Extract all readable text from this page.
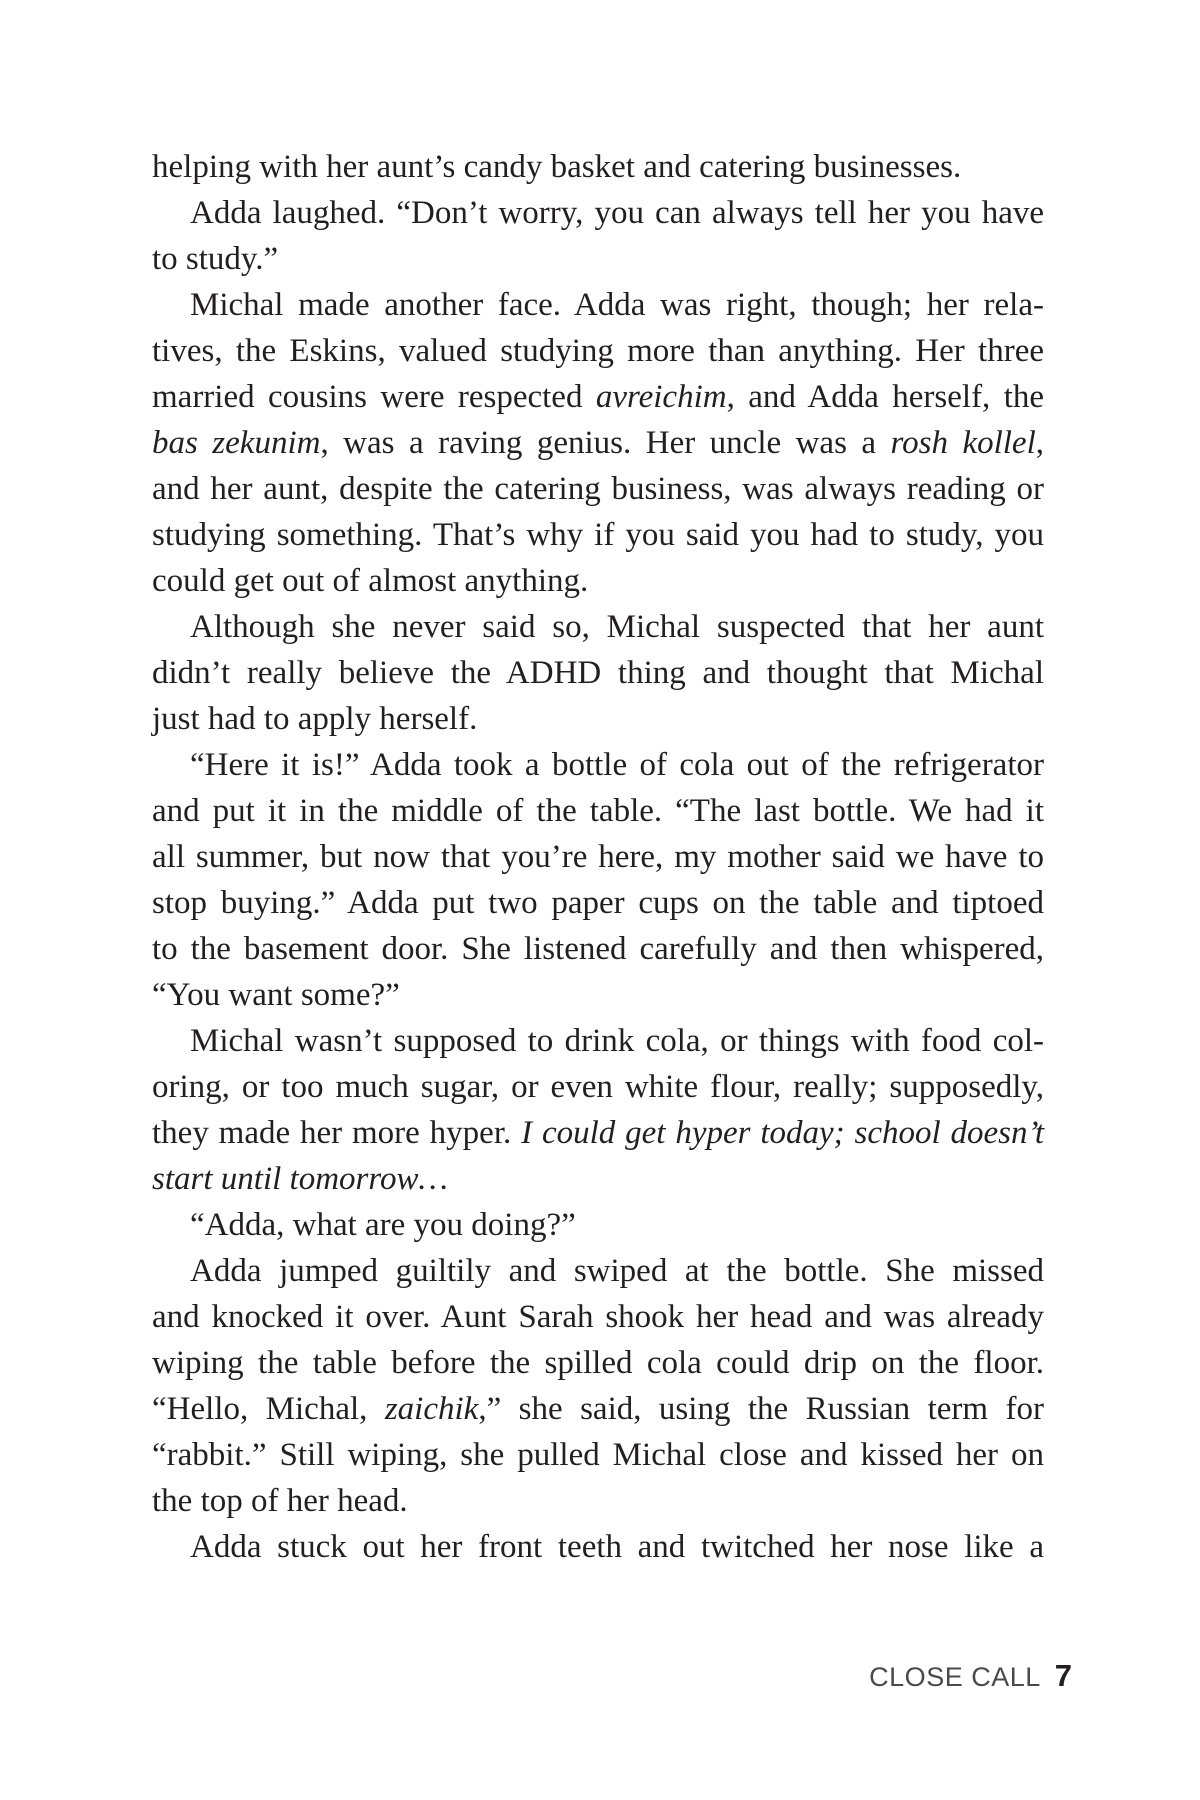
helping with her aunt’s candy basket and catering businesses.
Adda laughed. “Don’t worry, you can always tell her you have
to study.”
Michal made another face. Adda was right, though; her rela-
tives, the Eskins, valued studying more than anything. Her three
married cousins were respected avreichim, and Adda herself, the
bas zekunim, was a raving genius. Her uncle was a rosh kollel,
and her aunt, despite the catering business, was always reading or
studying something. That’s why if you said you had to study, you
could get out of almost anything.
Although she never said so, Michal suspected that her aunt
didn’t really believe the ADHD thing and thought that Michal
just had to apply herself.
“Here it is!” Adda took a bottle of cola out of the refrigerator
and put it in the middle of the table. “The last bottle. We had it
all summer, but now that you’re here, my mother said we have to
stop buying.” Adda put two paper cups on the table and tiptoed
to the basement door. She listened carefully and then whispered,
“You want some?”
Michal wasn’t supposed to drink cola, or things with food col-
oring, or too much sugar, or even white flour, really; supposedly,
they made her more hyper. I could get hyper today; school doesn’t
start until tomorrow…
“Adda, what are you doing?”
Adda jumped guiltily and swiped at the bottle. She missed
and knocked it over. Aunt Sarah shook her head and was already
wiping the table before the spilled cola could drip on the floor.
“Hello, Michal, zaichik,” she said, using the Russian term for
“rabbit.” Still wiping, she pulled Michal close and kissed her on
the top of her head.
Adda stuck out her front teeth and twitched her nose like a
CLOSE CALL 7
